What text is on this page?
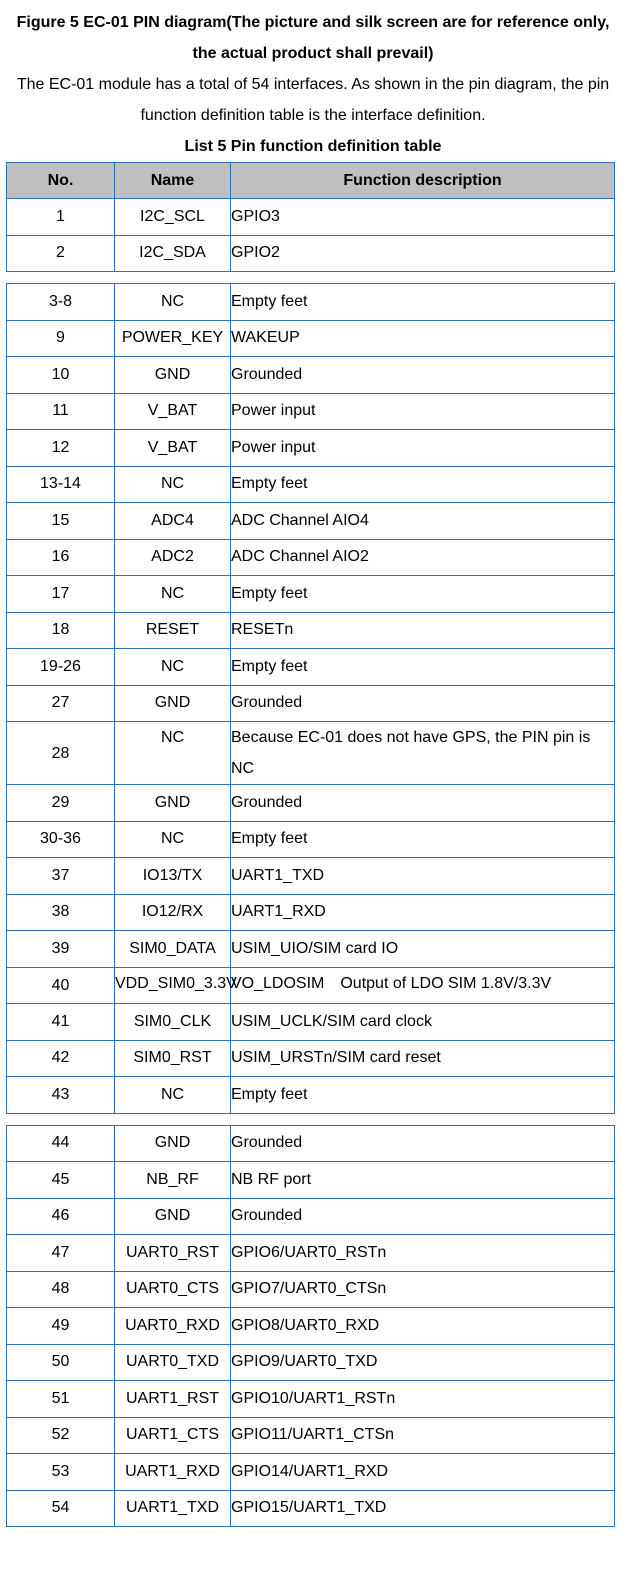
Figure 5 EC-01 PIN diagram(The picture and silk screen are for reference only,

the actual product shall prevail)

The EC-01 module has a total of 54 interfaces. As shown in the pin diagram, the pin

function definition table is the interface definition.

List 5 Pin function definition table

No.	Name	Function description
1	I2C_SCL	GPIO3
2	I2C_SDA	GPIO2
3-8	NC	Empty feet
9	POWER_KEY	WAKEUP
10	GND	Grounded
11	V_BAT	Power input
12	V_BAT	Power input
13-14	NC	Empty feet
15	ADC4	ADC Channel AIO4
16	ADC2	ADC Channel AIO2
17	NC	Empty feet
18	RESET	RESETn
19-26	NC	Empty feet
27	GND	Grounded
28	NC	Because EC-01 does not have GPS, the PIN pin is NC
29	GND	Grounded
30-36	NC	Empty feet
37	IO13/TX	UART1_TXD
38	IO12/RX	UART1_RXD
39	SIM0_DATA	USIM_UIO/SIM card IO
40	VDD_SIM0_3.3V	VO_LDOSIM　Output of LDO SIM 1.8V/3.3V
41	SIM0_CLK	USIM_UCLK/SIM card clock
42	SIM0_RST	USIM_URSTn/SIM card reset
43	NC	Empty feet
44	GND	Grounded
45	NB_RF	NB RF port
46	GND	Grounded
47	UART0_RST	GPIO6/UART0_RSTn
48	UART0_CTS	GPIO7/UART0_CTSn
49	UART0_RXD	GPIO8/UART0_RXD
50	UART0_TXD	GPIO9/UART0_TXD
51	UART1_RST	GPIO10/UART1_RSTn
52	UART1_CTS	GPIO11/UART1_CTSn
53	UART1_RXD	GPIO14/UART1_RXD
54	UART1_TXD	GPIO15/UART1_TXD
